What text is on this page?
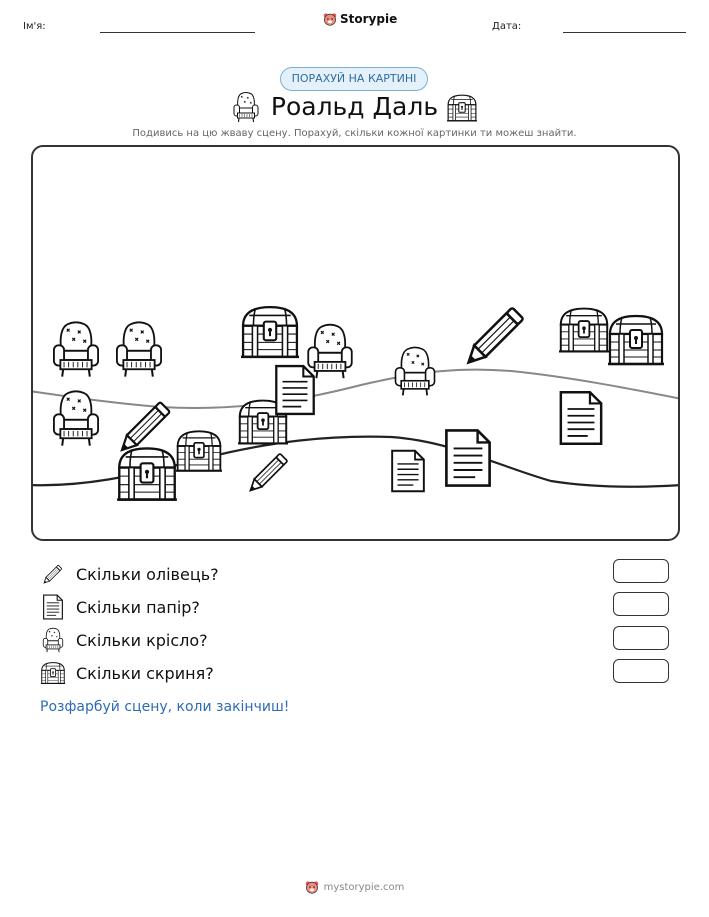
Ім'я:
Storypie
Дата:
ПОРАХУЙ НА КАРТИНІ
Роальд Даль
Подивись на цю жваву сцену. Порахуй, скільки кожної картинки ти можеш знайти.
Скільки олівець?
Скільки папір?
Скільки крісло?
Скільки скриня?
Розфарбуй сцену, коли закінчиш!
mystorypie.com
